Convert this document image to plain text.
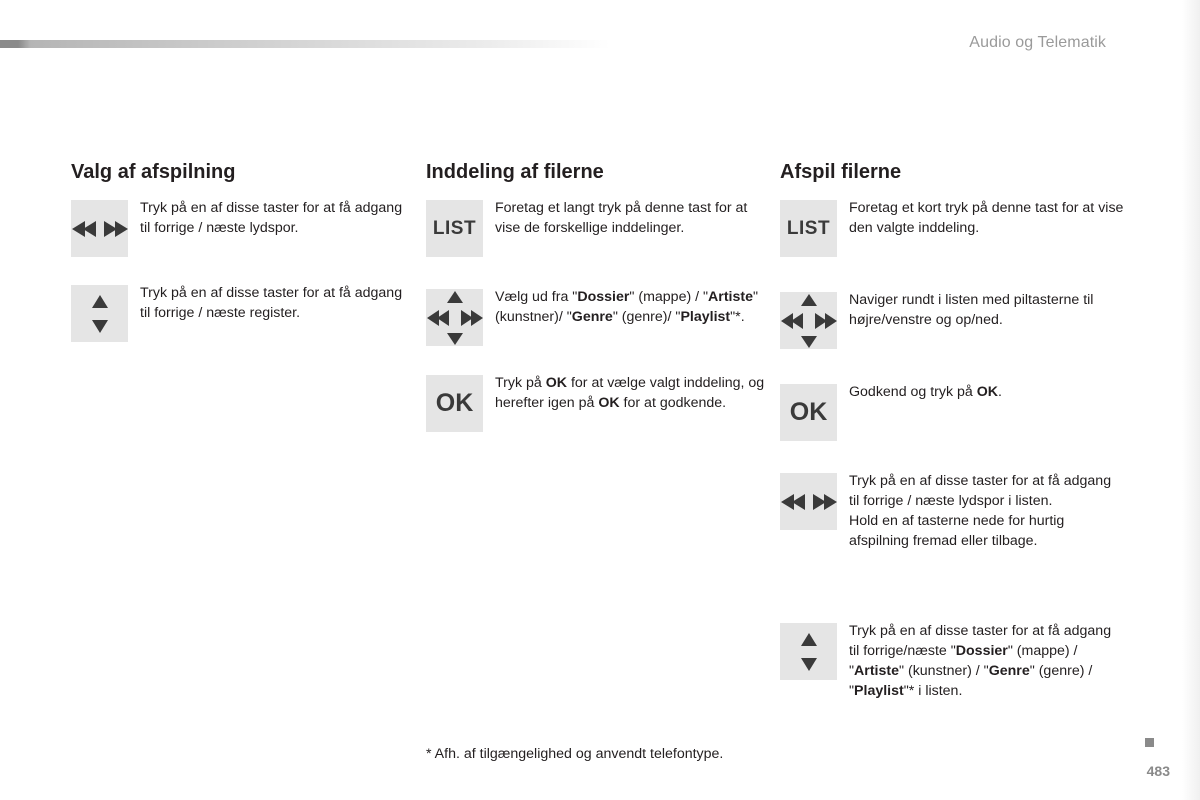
Audio og Telematik
Valg af afspilning
Tryk på en af disse taster for at få adgang til forrige / næste lydspor.
Tryk på en af disse taster for at få adgang til forrige / næste register.
Inddeling af filerne
LIST
Foretag et langt tryk på denne tast for at vise de forskellige inddelinger.
Vælg ud fra "Dossier" (mappe) / "Artiste" (kunstner)/ "Genre" (genre)/ "Playlist"*.
OK
Tryk på OK for at vælge valgt inddeling, og herefter igen på OK for at godkende.
Afspil filerne
LIST
Foretag et kort tryk på denne tast for at vise den valgte inddeling.
Naviger rundt i listen med piltasterne til højre/venstre og op/ned.
OK
Godkend og tryk på OK.
Tryk på en af disse taster for at få adgang til forrige / næste lydspor i listen.
Hold en af tasterne nede for hurtig afspilning fremad eller tilbage.
Tryk på en af disse taster for at få adgang til forrige/næste "Dossier" (mappe) / "Artiste" (kunstner) / "Genre" (genre) / "Playlist"* i listen.
* Afh. af tilgængelighed og anvendt telefontype.
483
